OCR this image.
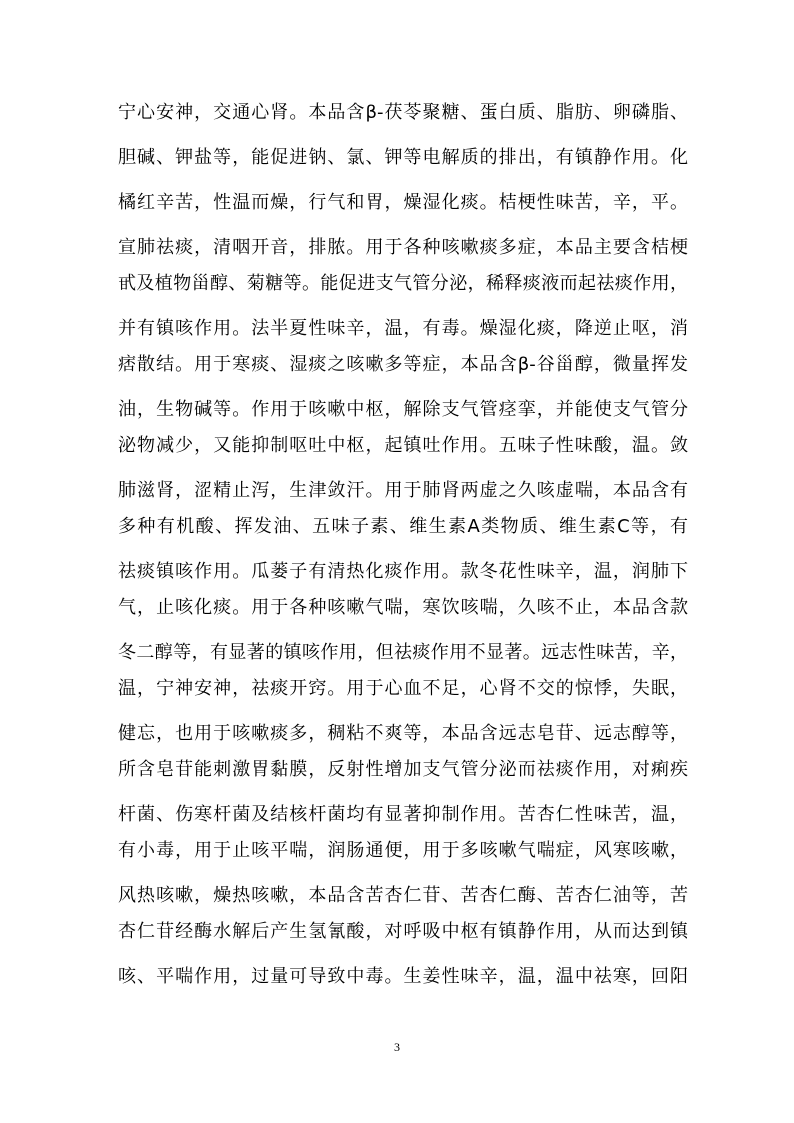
宁心安神，交通心肾。本品含β-茯苓聚糖、蛋白质、脂肪、卵磷脂、
胆碱、钾盐等，能促进钠、氯、钾等电解质的排出，有镇静作用。化
橘红辛苦，性温而燥，行气和胃，燥湿化痰。桔梗性味苦，辛，平。
宣肺祛痰，清咽开音，排脓。用于各种咳嗽痰多症，本品主要含桔梗
甙及植物甾醇、菊糖等。能促进支气管分泌，稀释痰液而起祛痰作用，
并有镇咳作用。法半夏性味辛，温，有毒。燥湿化痰，降逆止呕，消
痞散结。用于寒痰、湿痰之咳嗽多等症，本品含β-谷甾醇，微量挥发
油，生物碱等。作用于咳嗽中枢，解除支气管痉挛，并能使支气管分
泌物减少，又能抑制呕吐中枢，起镇吐作用。五味子性味酸，温。敛
肺滋肾，涩精止泻，生津敛汗。用于肺肾两虚之久咳虚喘，本品含有
多种有机酸、挥发油、五味子素、维生素A类物质、维生素C等，有
祛痰镇咳作用。瓜蒌子有清热化痰作用。款冬花性味辛，温，润肺下
气，止咳化痰。用于各种咳嗽气喘，寒饮咳喘，久咳不止，本品含款
冬二醇等，有显著的镇咳作用，但祛痰作用不显著。远志性味苦，辛，
温，宁神安神，祛痰开窍。用于心血不足，心肾不交的惊悸，失眠，
健忘，也用于咳嗽痰多，稠粘不爽等，本品含远志皂苷、远志醇等，
所含皂苷能刺激胃黏膜，反射性增加支气管分泌而祛痰作用，对痢疾
杆菌、伤寒杆菌及结核杆菌均有显著抑制作用。苦杏仁性味苦，温，
有小毒，用于止咳平喘，润肠通便，用于多咳嗽气喘症，风寒咳嗽，
风热咳嗽，燥热咳嗽，本品含苦杏仁苷、苦杏仁酶、苦杏仁油等，苦
杏仁苷经酶水解后产生氢氰酸，对呼吸中枢有镇静作用，从而达到镇
咳、平喘作用，过量可导致中毒。生姜性味辛，温，温中祛寒，回阳
3
